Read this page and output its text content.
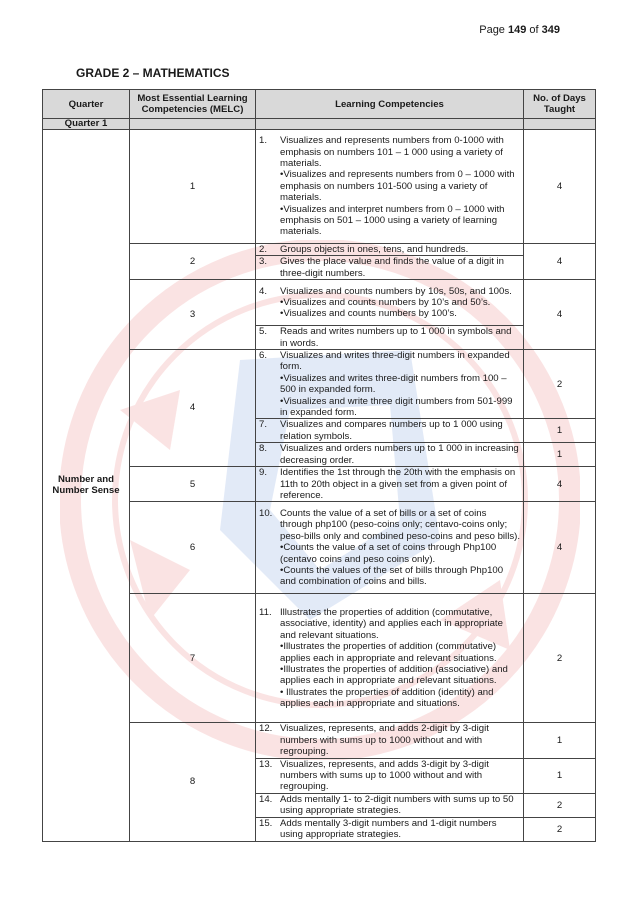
Page 149 of 349
GRADE 2 – MATHEMATICS
Quarter	Most Essential Learning Competencies (MELC)	Learning Competencies	No. of Days Taught
Quarter 1			
Number and Number Sense	1	1. Visualizes and represents numbers from 0-1000 with emphasis on numbers 101 – 1 000 using a variety of materials.
•Visualizes and represents numbers from 0 – 1000 with emphasis on numbers 101-500 using a variety of materials.
•Visualizes and interpret numbers from 0 – 1000 with emphasis on 501 – 1000 using a variety of learning materials.	4
	2	2. Groups objects in ones, tens, and hundreds.	4

		3. Gives the place value and finds the value of a digit in three-digit numbers.	

	3	4. Visualizes and counts numbers by 10s, 50s, and 100s.
•Visualizes and counts numbers by 10’s and 50’s.
•Visualizes and counts numbers by 100’s.	4

		5. Reads and writes numbers up to 1 000 in symbols and in words.	

	4	6. Visualizes and writes three-digit numbers in expanded form.
•Visualizes and writes three-digit numbers from 100 – 500 in expanded form.
•Visualizes and write three digit numbers from 501-999 in expanded form.	2

		7. Visualizes and compares numbers up to 1 000 using relation symbols.	1

		8. Visualizes and orders numbers up to 1 000 in increasing decreasing order.	1
	5	9. Identifies the 1st through the 20th with the emphasis on 11th to 20th object in a given set from a given point of reference.	4
	6	10. Counts the value of a set of bills or a set of coins through php100 (peso-coins only; centavo-coins only; peso-bills only and combined peso-coins and peso bills).
•Counts the value of a set of coins through Php100 (centavo coins and peso coins only).
•Counts the values of the set of bills through Php100 and combination of coins and bills.	4
	7	11. Illustrates the properties of addition (commutative, associative, identity) and applies each in appropriate and relevant situations.
•Illustrates the properties of addition (commutative) applies each in appropriate and relevant situations.
•Illustrates the properties of addition (associative) and applies each in appropriate and relevant situations.
• Illustrates the properties of addition (identity) and applies each in appropriate and situations.	2
	8	12. Visualizes, represents, and adds 2-digit by 3-digit numbers with sums up to 1000 without and with regrouping.	1

		13. Visualizes, represents, and adds 3-digit by 3-digit numbers with sums up to 1000 without and with regrouping.	1

		14. Adds mentally 1- to 2-digit numbers with sums up to 50 using appropriate strategies.	2

		15. Adds mentally 3-digit numbers and 1-digit numbers using appropriate strategies.	2
